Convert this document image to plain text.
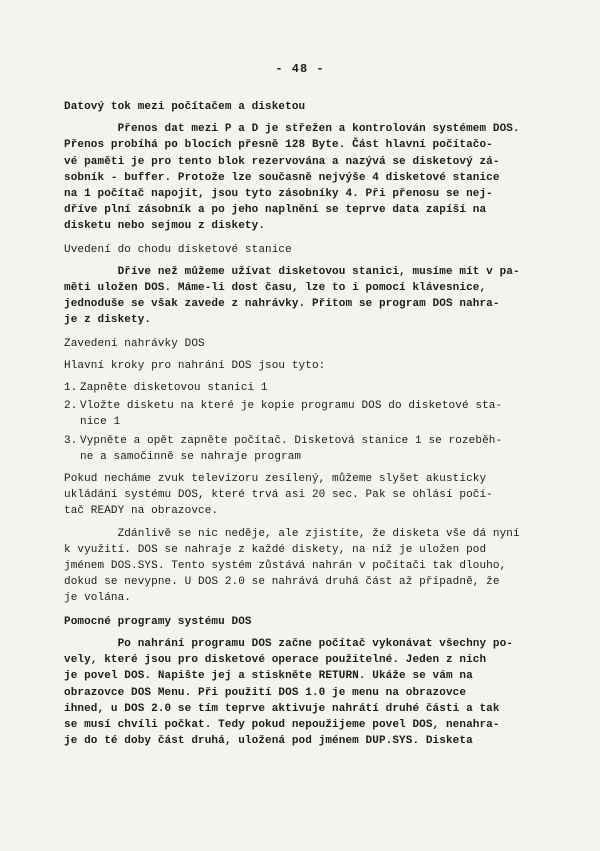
- 48 -
Datový tok mezi počítačem a disketou
Přenos dat mezi P a D je střežen a kontrolován systémem DOS.
Přenos probíhá po blocích přesně 128 Byte. Část hlavní počítačo-
vé paměti je pro tento blok rezervována a nazývá se disketový zá-
sobník - buffer. Protože lze současně nejvýše 4 disketové stanice
na 1 počítač napojit, jsou tyto zásobníky 4. Při přenosu se nej-
dříve plní zásobník a po jeho naplnění se teprve data zapíší na
disketu nebo sejmou z diskety.
Uvedení do chodu disketové stanice
Dříve než můžeme užívat disketovou stanici, musíme mít v pa-
měti uložen DOS. Máme-li dost času, lze to i pomocí klávesnice,
jednoduše se však zavede z nahrávky. Přitom se program DOS nahra-
je z diskety.
Zavedení nahrávky DOS
Hlavní kroky pro nahrání DOS jsou tyto:
1. Zapněte disketovou stanici 1
2. Vložte disketu na které je kopie programu DOS do disketové sta-
nice 1
3. Vypněte a opět zapněte počítač. Disketová stanice 1 se rozeběh-
ne a samočinně se nahraje program
Pokud necháme zvuk televizoru zesílený, můžeme slyšet akusticky
ukládání systému DOS, které trvá asi 20 sec. Pak se ohlásí počí-
tač READY na obrazovce.
Zdánlivě se nic neděje, ale zjistíte, že disketa vše dá nyní
k využití. DOS se nahraje z každé diskety, na níž je uložen pod
jménem DOS.SYS. Tento systém zůstává nahrán v počítači tak dlouho,
dokud se nevypne. U DOS 2.0 se nahrává druhá část až případně, že
je volána.
Pomocné programy systému DOS
Po nahrání programu DOS začne počítač vykonávat všechny po-
vely, které jsou pro disketové operace použitelné. Jeden z nich
je povel DOS. Napište jej a stiskněte RETURN. Ukáže se vám na
obrazovce DOS Menu. Při použití DOS 1.0 je menu na obrazovce
ihned, u DOS 2.0 se tím teprve aktivuje nahrátí druhé části a tak
se musí chvíli počkat. Tedy pokud nepoužijeme povel DOS, nenahra-
je do té doby část druhá, uložená pod jménem DUP.SYS. Disketa
